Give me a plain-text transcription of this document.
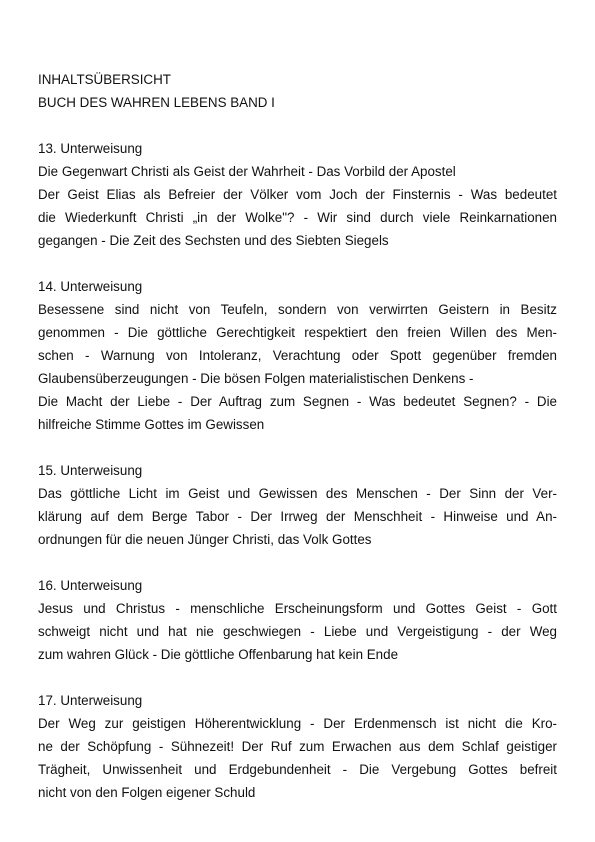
INHALTSÜBERSICHT

BUCH DES WAHREN LEBENS BAND I

13. Unterweisung

Die Gegenwart Christi als Geist der Wahrheit - Das Vorbild der Apostel

Der Geist Elias als Befreier der Völker vom Joch der Finsternis - Was bedeutet

die Wiederkunft Christi „in der Wolke"? - Wir sind durch viele Reinkarnationen

gegangen - Die Zeit des Sechsten und des Siebten Siegels

14. Unterweisung

Besessene sind nicht von Teufeln, sondern von verwirrten Geistern in Besitz

genommen - Die göttliche Gerechtigkeit respektiert den freien Willen des Men-

schen - Warnung von Intoleranz, Verachtung oder Spott gegenüber fremden

Glaubensüberzeugungen - Die bösen Folgen materialistischen Denkens -

Die Macht der Liebe - Der Auftrag zum Segnen - Was bedeutet Segnen? - Die

hilfreiche Stimme Gottes im Gewissen

15. Unterweisung

Das göttliche Licht im Geist und Gewissen des Menschen - Der Sinn der Ver-

klärung auf dem Berge Tabor - Der Irrweg der Menschheit - Hinweise und An-

ordnungen für die neuen Jünger Christi, das Volk Gottes

16. Unterweisung

Jesus und Christus - menschliche Erscheinungsform und Gottes Geist - Gott

schweigt nicht und hat nie geschwiegen - Liebe und Vergeistigung - der Weg

zum wahren Glück - Die göttliche Offenbarung hat kein Ende

17. Unterweisung

Der Weg zur geistigen Höherentwicklung - Der Erdenmensch ist nicht die Kro-

ne der Schöpfung - Sühnezeit! Der Ruf zum Erwachen aus dem Schlaf geistiger

Trägheit, Unwissenheit und Erdgebundenheit - Die Vergebung Gottes befreit

nicht von den Folgen eigener Schuld
